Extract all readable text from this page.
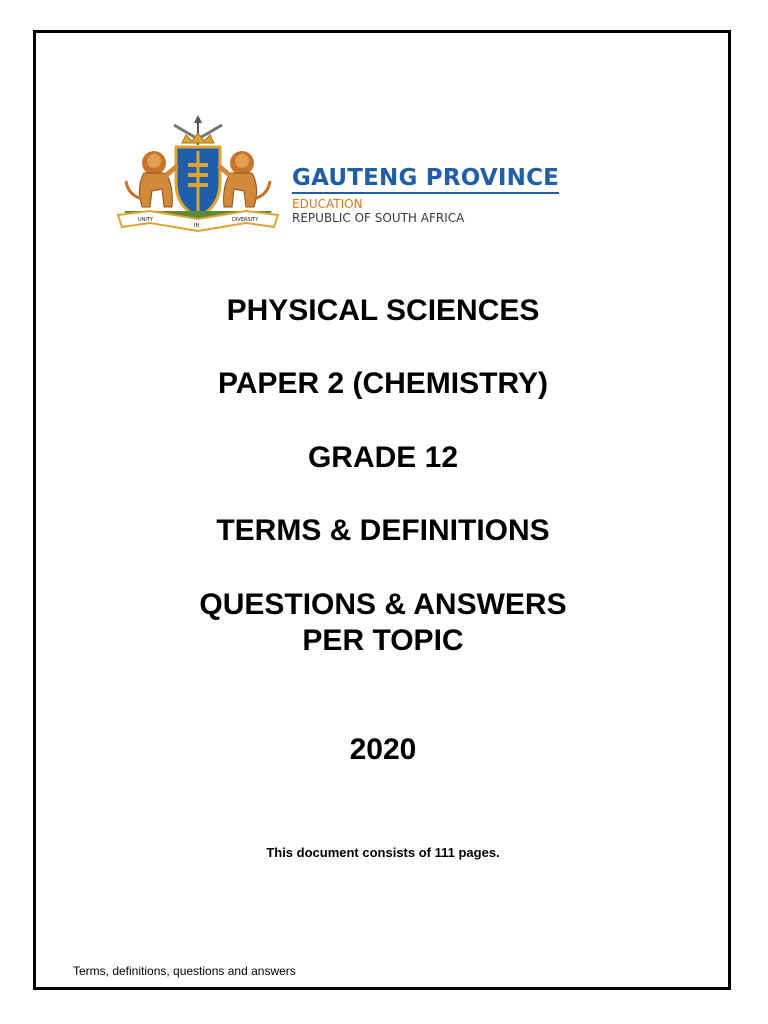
UNITY
IN
DIVERSITY
GAUTENG PROVINCE
EDUCATION
REPUBLIC OF SOUTH AFRICA
PHYSICAL SCIENCES
PAPER 2 (CHEMISTRY)
GRADE 12
TERMS & DEFINITIONS
QUESTIONS & ANSWERS
PER TOPIC
2020
This document consists of 111 pages.
Terms, definitions, questions and answers
